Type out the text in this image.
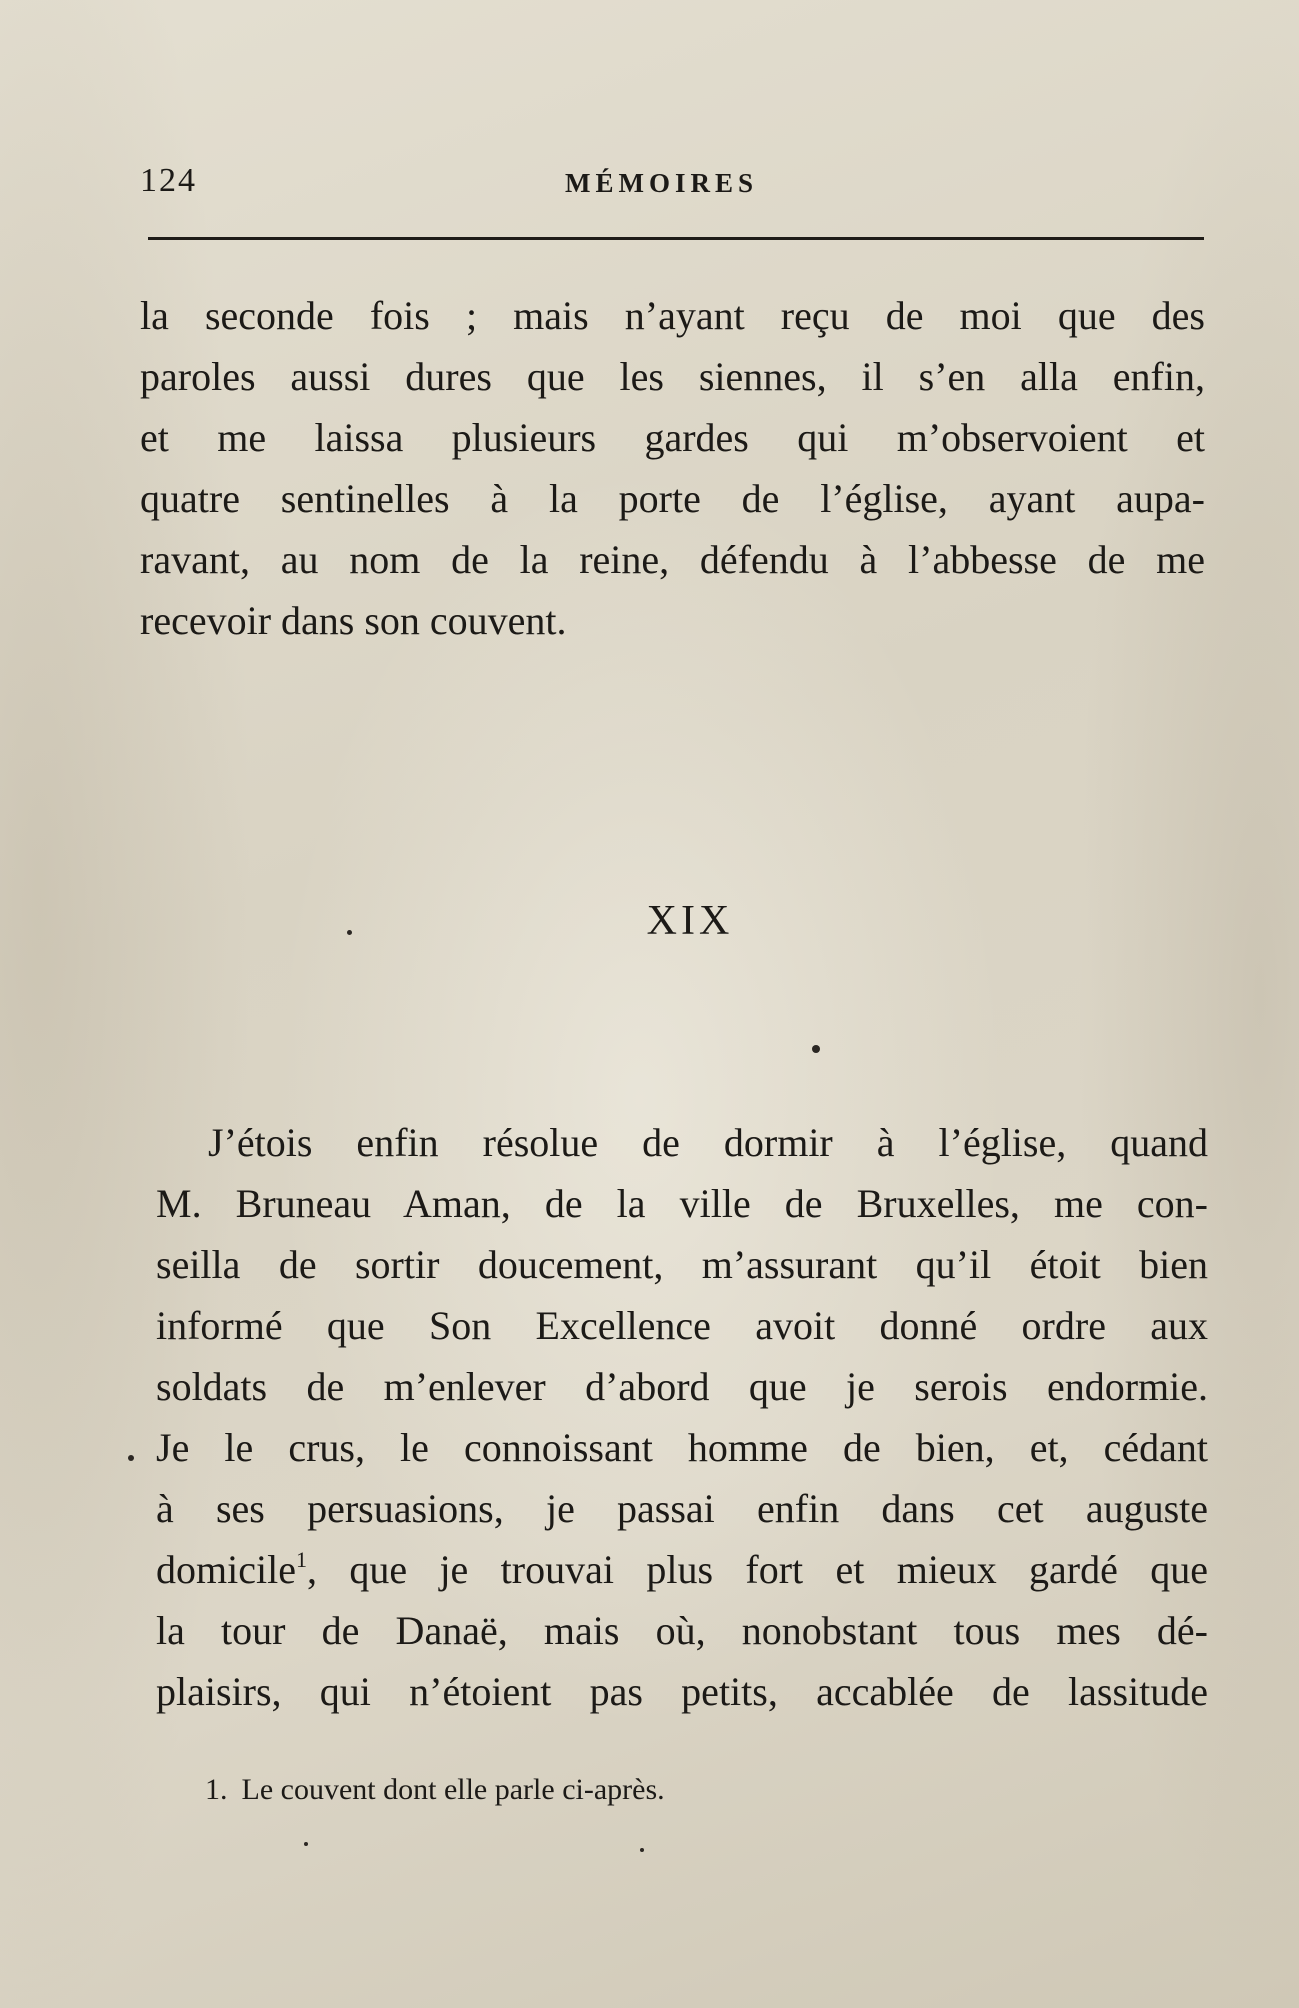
124	MÉMOIRES
la seconde fois ; mais n’ayant reçu de moi que des
paroles aussi dures que les siennes, il s’en alla enfin,
et me laissa plusieurs gardes qui m’observoient et
quatre sentinelles à la porte de l’église, ayant aupa-
ravant, au nom de la reine, défendu à l’abbesse de me
recevoir dans son couvent.
XIX
J’étois enfin résolue de dormir à l’église, quand
M. Bruneau Aman, de la ville de Bruxelles, me con-
seilla de sortir doucement, m’assurant qu’il étoit bien
informé que Son Excellence avoit donné ordre aux
soldats de m’enlever d’abord que je serois endormie.
Je le crus, le connoissant homme de bien, et, cédant
à ses persuasions, je passai enfin dans cet auguste
domicile$^1$, que je trouvai plus fort et mieux gardé que
la tour de Danaë, mais où, nonobstant tous mes dé-
plaisirs, qui n’étoient pas petits, accablée de lassitude
1. Le couvent dont elle parle ci-après.
